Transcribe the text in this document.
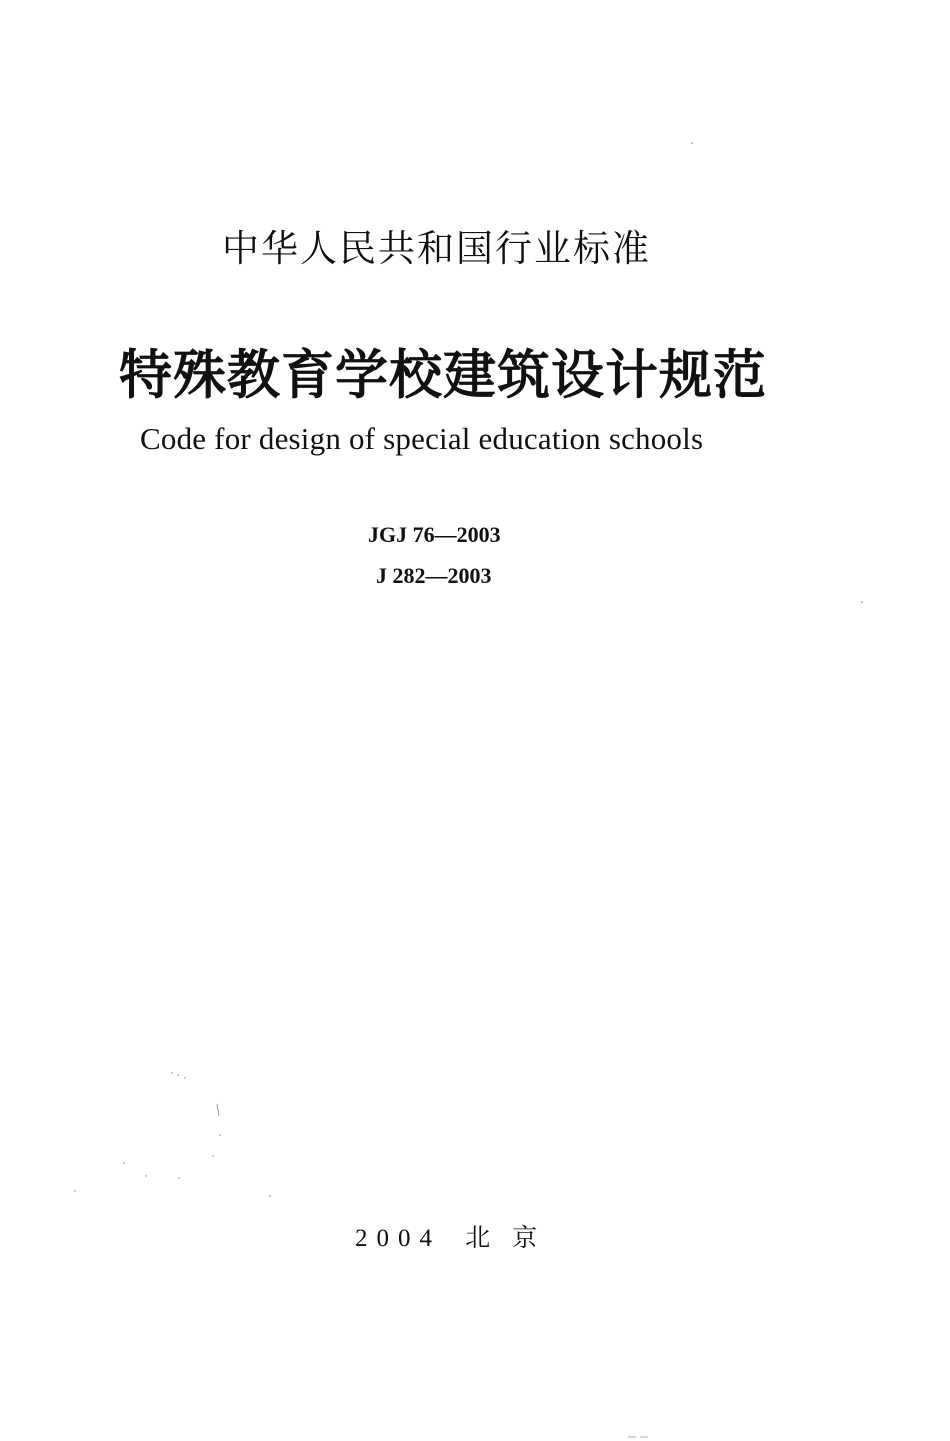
中华人民共和国行业标准
特殊教育学校建筑设计规范
Code for design of special education schools
JGJ 76—2003
J 282—2003
2004 北京
